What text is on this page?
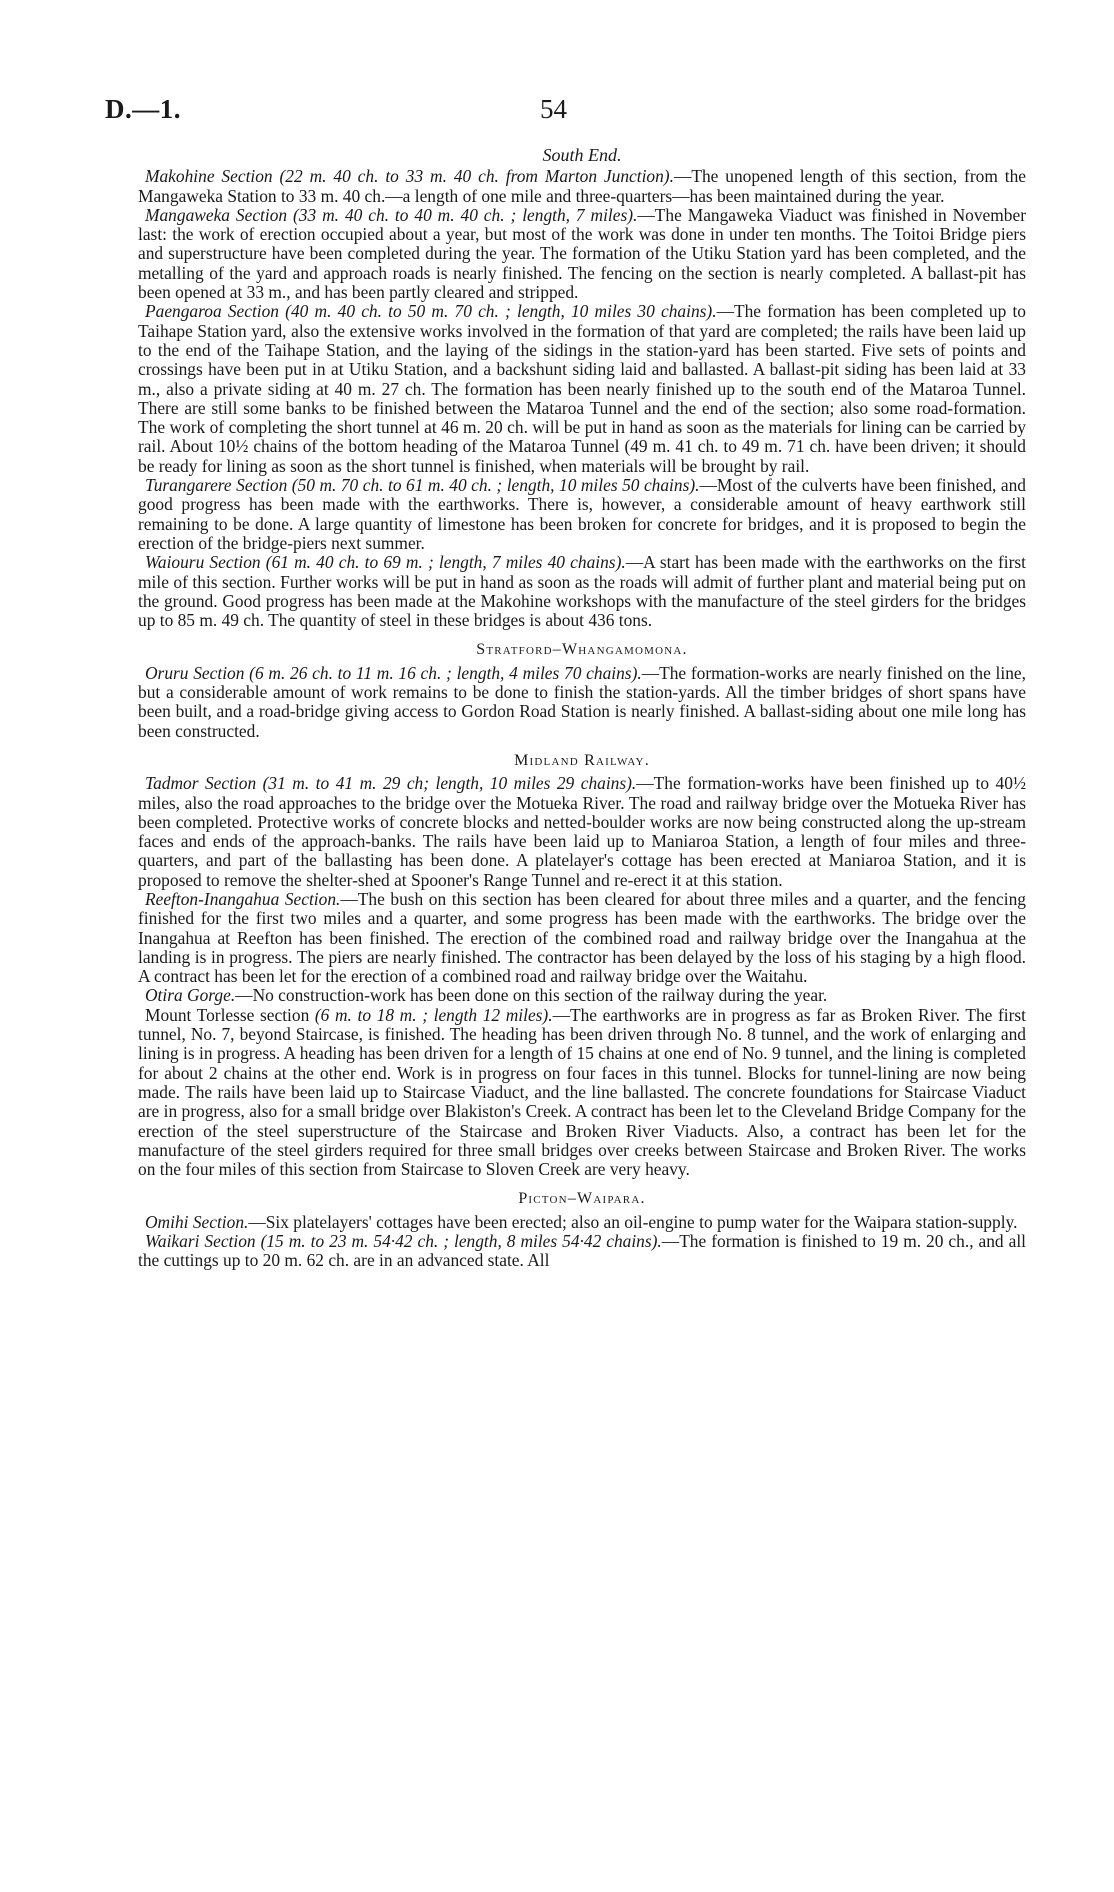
D.—1.	54
South End.

Makohine Section (22 m. 40 ch. to 33 m. 40 ch. from Marton Junction).—The unopened length of this section, from the Mangaweka Station to 33 m. 40 ch.—a length of one mile and three-quarters—has been maintained during the year.

Mangaweka Section (33 m. 40 ch. to 40 m. 40 ch. ; length, 7 miles).—The Mangaweka Viaduct was finished in November last: the work of erection occupied about a year, but most of the work was done in under ten months. The Toitoi Bridge piers and superstructure have been completed during the year. The formation of the Utiku Station yard has been completed, and the metalling of the yard and approach roads is nearly finished. The fencing on the section is nearly completed. A ballast-pit has been opened at 33 m., and has been partly cleared and stripped.

Paengaroa Section (40 m. 40 ch. to 50 m. 70 ch. ; length, 10 miles 30 chains).—The formation has been completed up to Taihape Station yard, also the extensive works involved in the formation of that yard are completed; the rails have been laid up to the end of the Taihape Station, and the laying of the sidings in the station-yard has been started. Five sets of points and crossings have been put in at Utiku Station, and a backshunt siding laid and ballasted. A ballast-pit siding has been laid at 33 m., also a private siding at 40 m. 27 ch. The formation has been nearly finished up to the south end of the Mataroa Tunnel. There are still some banks to be finished between the Mataroa Tunnel and the end of the section; also some road-formation. The work of completing the short tunnel at 46 m. 20 ch. will be put in hand as soon as the materials for lining can be carried by rail. About 10½ chains of the bottom heading of the Mataroa Tunnel (49 m. 41 ch. to 49 m. 71 ch. have been driven; it should be ready for lining as soon as the short tunnel is finished, when materials will be brought by rail.

Turangarere Section (50 m. 70 ch. to 61 m. 40 ch. ; length, 10 miles 50 chains).—Most of the culverts have been finished, and good progress has been made with the earthworks. There is, however, a considerable amount of heavy earthwork still remaining to be done. A large quantity of limestone has been broken for concrete for bridges, and it is proposed to begin the erection of the bridge-piers next summer.

Waiouru Section (61 m. 40 ch. to 69 m. ; length, 7 miles 40 chains).—A start has been made with the earthworks on the first mile of this section. Further works will be put in hand as soon as the roads will admit of further plant and material being put on the ground. Good progress has been made at the Makohine workshops with the manufacture of the steel girders for the bridges up to 85 m. 49 ch. The quantity of steel in these bridges is about 436 tons.

Stratford–Whangamomona.

Oruru Section (6 m. 26 ch. to 11 m. 16 ch. ; length, 4 miles 70 chains).—The formation-works are nearly finished on the line, but a considerable amount of work remains to be done to finish the station-yards. All the timber bridges of short spans have been built, and a road-bridge giving access to Gordon Road Station is nearly finished. A ballast-siding about one mile long has been constructed.

Midland Railway.

Tadmor Section (31 m. to 41 m. 29 ch; length, 10 miles 29 chains).—The formation-works have been finished up to 40½ miles, also the road approaches to the bridge over the Motueka River. The road and railway bridge over the Motueka River has been completed. Protective works of concrete blocks and netted-boulder works are now being constructed along the up-stream faces and ends of the approach-banks. The rails have been laid up to Maniaroa Station, a length of four miles and three-quarters, and part of the ballasting has been done. A platelayer's cottage has been erected at Maniaroa Station, and it is proposed to remove the shelter-shed at Spooner's Range Tunnel and re-erect it at this station.

Reefton-Inangahua Section.—The bush on this section has been cleared for about three miles and a quarter, and the fencing finished for the first two miles and a quarter, and some progress has been made with the earthworks. The bridge over the Inangahua at Reefton has been finished. The erection of the combined road and railway bridge over the Inangahua at the landing is in progress. The piers are nearly finished. The contractor has been delayed by the loss of his staging by a high flood. A contract has been let for the erection of a combined road and railway bridge over the Waitahu.

Otira Gorge.—No construction-work has been done on this section of the railway during the year.

Mount Torlesse section (6 m. to 18 m. ; length 12 miles).—The earthworks are in progress as far as Broken River. The first tunnel, No. 7, beyond Staircase, is finished. The heading has been driven through No. 8 tunnel, and the work of enlarging and lining is in progress. A heading has been driven for a length of 15 chains at one end of No. 9 tunnel, and the lining is completed for about 2 chains at the other end. Work is in progress on four faces in this tunnel. Blocks for tunnel-lining are now being made. The rails have been laid up to Staircase Viaduct, and the line ballasted. The concrete foundations for Staircase Viaduct are in progress, also for a small bridge over Blakiston's Creek. A contract has been let to the Cleveland Bridge Company for the erection of the steel superstructure of the Staircase and Broken River Viaducts. Also, a contract has been let for the manufacture of the steel girders required for three small bridges over creeks between Staircase and Broken River. The works on the four miles of this section from Staircase to Sloven Creek are very heavy.

Picton–Waipara.

Omihi Section.—Six platelayers' cottages have been erected; also an oil-engine to pump water for the Waipara station-supply.

Waikari Section (15 m. to 23 m. 54·42 ch. ; length, 8 miles 54·42 chains).—The formation is finished to 19 m. 20 ch., and all the cuttings up to 20 m. 62 ch. are in an advanced state. All
